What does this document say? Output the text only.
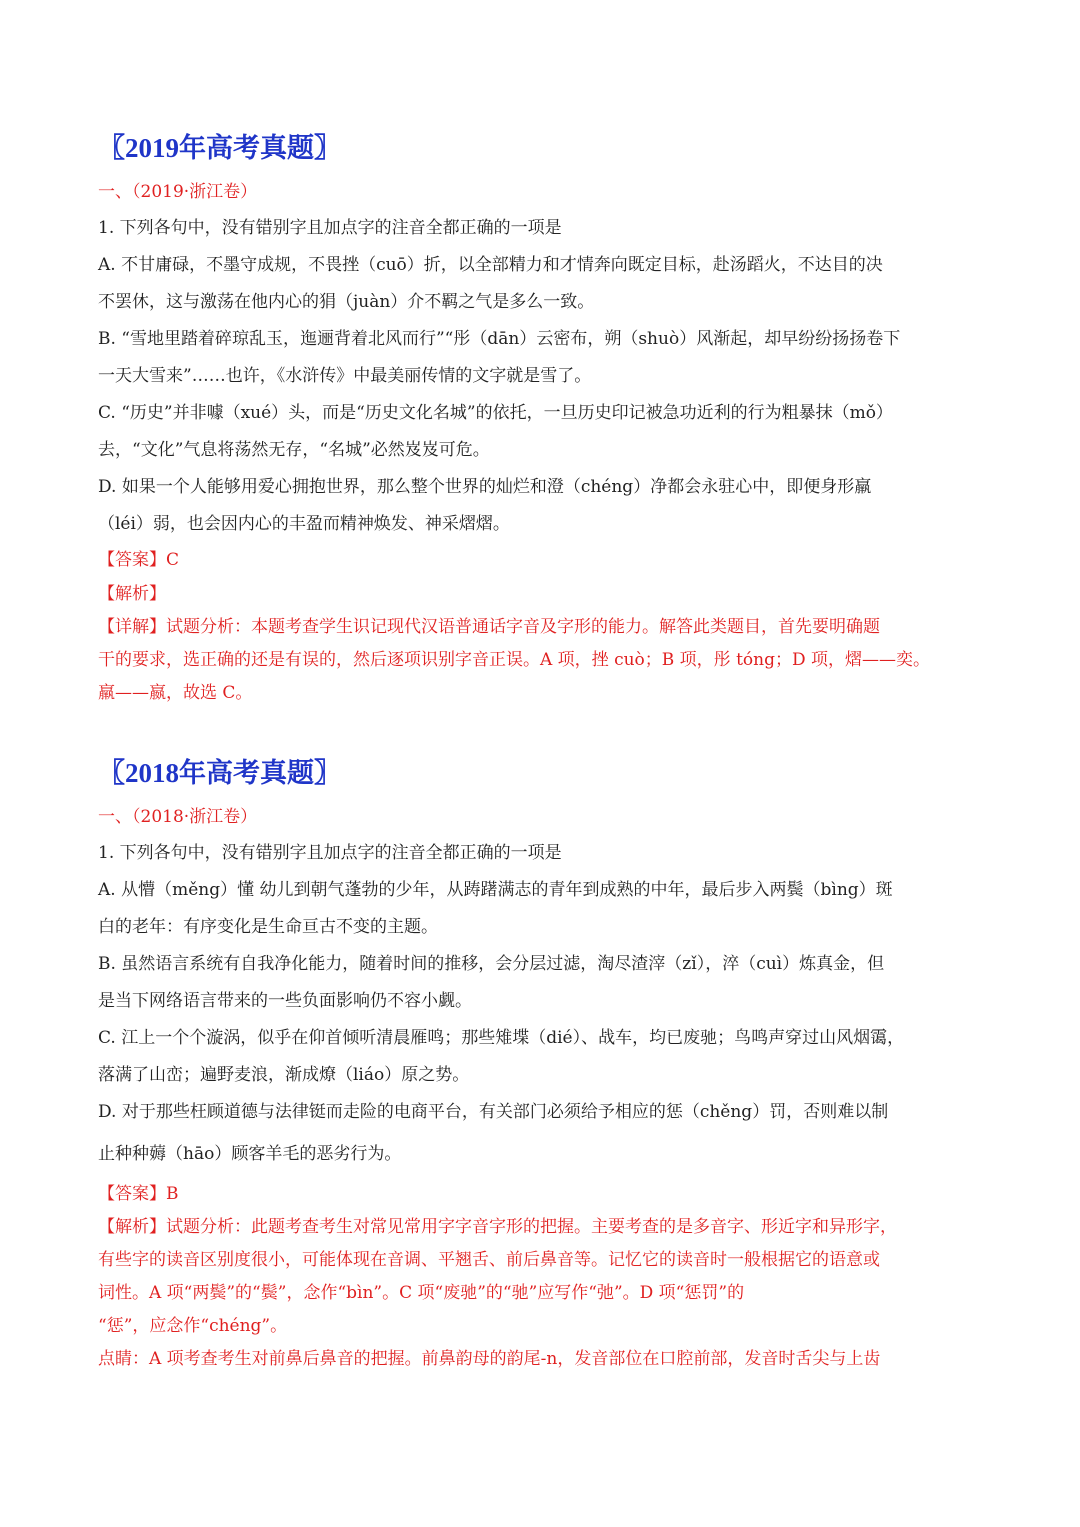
〖2019年高考真题〗
一、（2019·浙江卷）
1. 下列各句中，没有错别字且加点字的注音全都正确的一项是
A. 不甘庸碌，不墨守成规，不畏挫（cuō）折，以全部精力和才情奔向既定目标，赴汤蹈火，不达目的决
不罢休，这与激荡在他内心的狷（juàn）介不羁之气是多么一致。
B. “雪地里踏着碎琼乱玉，迤逦背着北风而行”“彤（dān）云密布，朔（shuò）风渐起，却早纷纷扬扬卷下
一天大雪来”……也许，《水浒传》中最美丽传情的文字就是雪了。
C. “历史”并非噱（xué）头，而是“历史文化名城”的依托，一旦历史印记被急功近利的行为粗暴抹（mǒ）
去，“文化”气息将荡然无存，“名城”必然岌岌可危。
D. 如果一个人能够用爱心拥抱世界，那么整个世界的灿烂和澄（chéng）净都会永驻心中，即便身形羸
（léi）弱，也会因内心的丰盈而精神焕发、神采熠熠。
【答案】C
【解析】
【详解】试题分析：本题考查学生识记现代汉语普通话字音及字形的能力。解答此类题目，首先要明确题
干的要求，选正确的还是有误的，然后逐项识别字音正误。A 项，挫 cuò；B 项，彤 tóng；D 项，熠——奕。
羸——嬴，故选 C。
〖2018年高考真题〗
一、（2018·浙江卷）
1. 下列各句中，没有错别字且加点字的注音全都正确的一项是
A. 从懵（měng）懂 幼儿到朝气蓬勃的少年，从踌躇满志的青年到成熟的中年，最后步入两鬓（bìng）斑
白的老年：有序变化是生命亘古不变的主题。
B. 虽然语言系统有自我净化能力，随着时间的推移，会分层过滤，淘尽渣滓（zǐ），淬（cuì）炼真金，但
是当下网络语言带来的一些负面影响仍不容小觑。
C. 江上一个个漩涡，似乎在仰首倾听清晨雁鸣；那些雉堞（dié）、战车，均已废驰；鸟鸣声穿过山风烟霭，
落满了山峦；遍野麦浪，渐成燎（liáo）原之势。
D. 对于那些枉顾道德与法律铤而走险的电商平台，有关部门必须给予相应的惩（chěng）罚，否则难以制
止种种薅（hāo）顾客羊毛的恶劣行为。
【答案】B
【解析】试题分析：此题考查考生对常见常用字字音字形的把握。主要考查的是多音字、形近字和异形字，
有些字的读音区别度很小，可能体现在音调、平翘舌、前后鼻音等。记忆它的读音时一般根据它的语意或
词性。A 项“两鬓”的“鬓”，念作“bìn”。C 项“废驰”的“驰”应写作“弛”。D 项“惩罚”的
“惩”，应念作“chéng”。
点睛：A 项考查考生对前鼻后鼻音的把握。前鼻韵母的韵尾-n，发音部位在口腔前部，发音时舌尖与上齿
